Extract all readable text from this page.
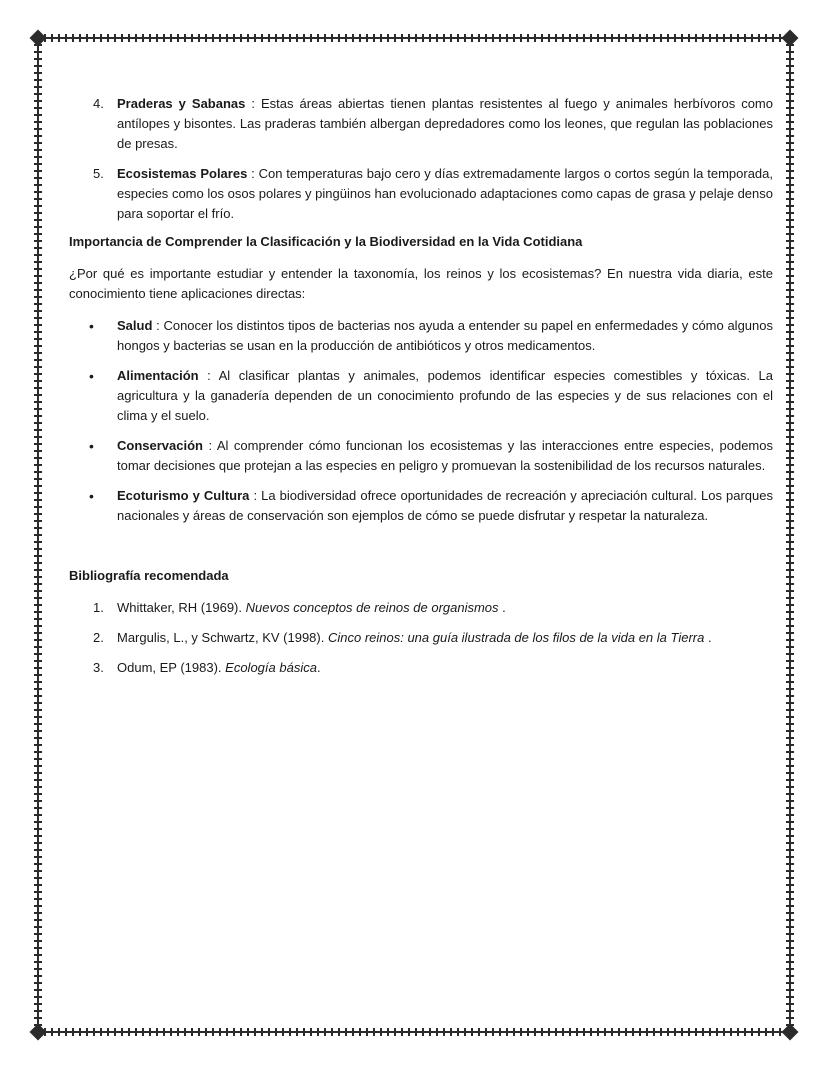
4. Praderas y Sabanas : Estas áreas abiertas tienen plantas resistentes al fuego y animales herbívoros como antílopes y bisontes. Las praderas también albergan depredadores como los leones, que regulan las poblaciones de presas.
5. Ecosistemas Polares : Con temperaturas bajo cero y días extremadamente largos o cortos según la temporada, especies como los osos polares y pingüinos han evolucionado adaptaciones como capas de grasa y pelaje denso para soportar el frío.
Importancia de Comprender la Clasificación y la Biodiversidad en la Vida Cotidiana

¿Por qué es importante estudiar y entender la taxonomía, los reinos y los ecosistemas? En nuestra vida diaria, este conocimiento tiene aplicaciones directas:

• Salud : Conocer los distintos tipos de bacterias nos ayuda a entender su papel en enfermedades y cómo algunos hongos y bacterias se usan en la producción de antibióticos y otros medicamentos.
• Alimentación : Al clasificar plantas y animales, podemos identificar especies comestibles y tóxicas. La agricultura y la ganadería dependen de un conocimiento profundo de las especies y de sus relaciones con el clima y el suelo.
• Conservación : Al comprender cómo funcionan los ecosistemas y las interacciones entre especies, podemos tomar decisiones que protejan a las especies en peligro y promuevan la sostenibilidad de los recursos naturales.
• Ecoturismo y Cultura : La biodiversidad ofrece oportunidades de recreación y apreciación cultural. Los parques nacionales y áreas de conservación son ejemplos de cómo se puede disfrutar y respetar la naturaleza.
Bibliografía recomendada
1. Whittaker, RH (1969). Nuevos conceptos de reinos de organismos .
2. Margulis, L., y Schwartz, KV (1998). Cinco reinos: una guía ilustrada de los filos de la vida en la Tierra .
3. Odum, EP (1983). Ecología básica.
